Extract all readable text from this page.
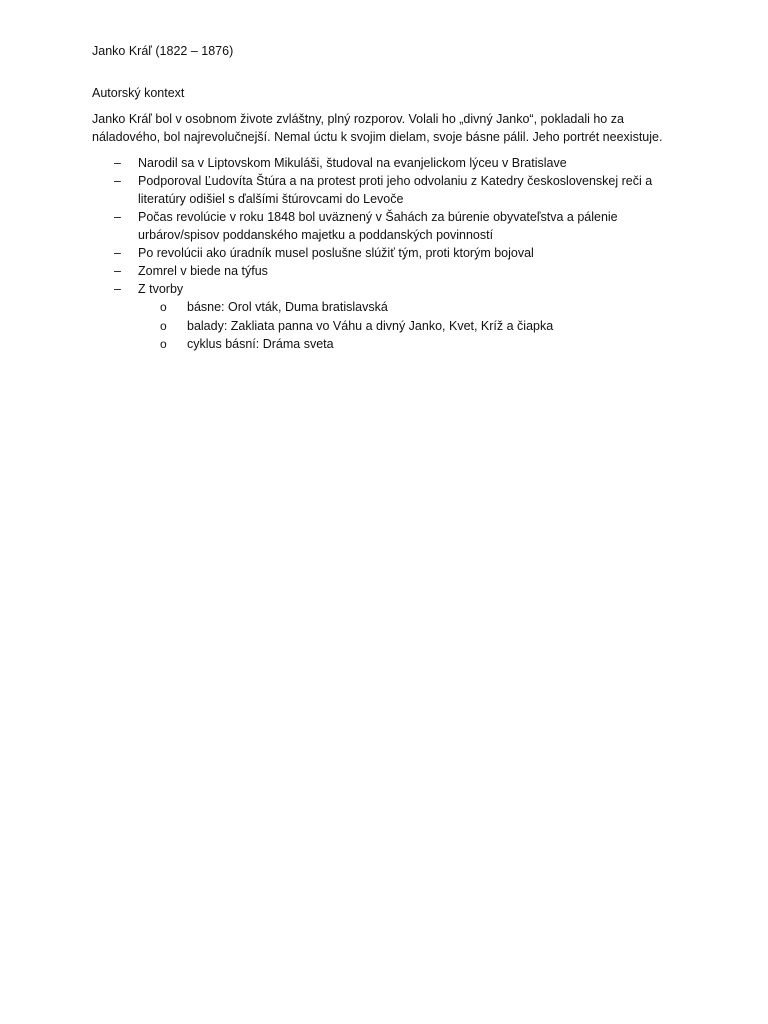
Janko Kráľ (1822 – 1876)

Autorský kontext

Janko Kráľ bol v osobnom živote zvláštny, plný rozporov. Volali ho „divný Janko“, pokladali ho za náladového, bol najrevolučnejší. Nemal úctu k svojim dielam, svoje básne pálil. Jeho portrét neexistuje.

– Narodil sa v Liptovskom Mikuláši, študoval na evanjelickom lýceu v Bratislave
– Podporoval Ľudovíta Štúra a na protest proti jeho odvolaniu z Katedry československej reči a literatúry odišiel s ďalšími štúrovcami do Levoče
– Počas revolúcie v roku 1848 bol uväznený v Šahách za búrenie obyvateľstva a pálenie urbárov/spisov poddanského majetku a poddanských povinností
– Po revolúcii ako úradník musel poslušne slúžiť tým, proti ktorým bojoval
– Zomrel v biede na týfus
– Z tvorby
o básne: Orol vták, Duma bratislavská
o balady: Zakliata panna vo Váhu a divný Janko, Kvet, Kríž a čiapka
o cyklus básní: Dráma sveta
